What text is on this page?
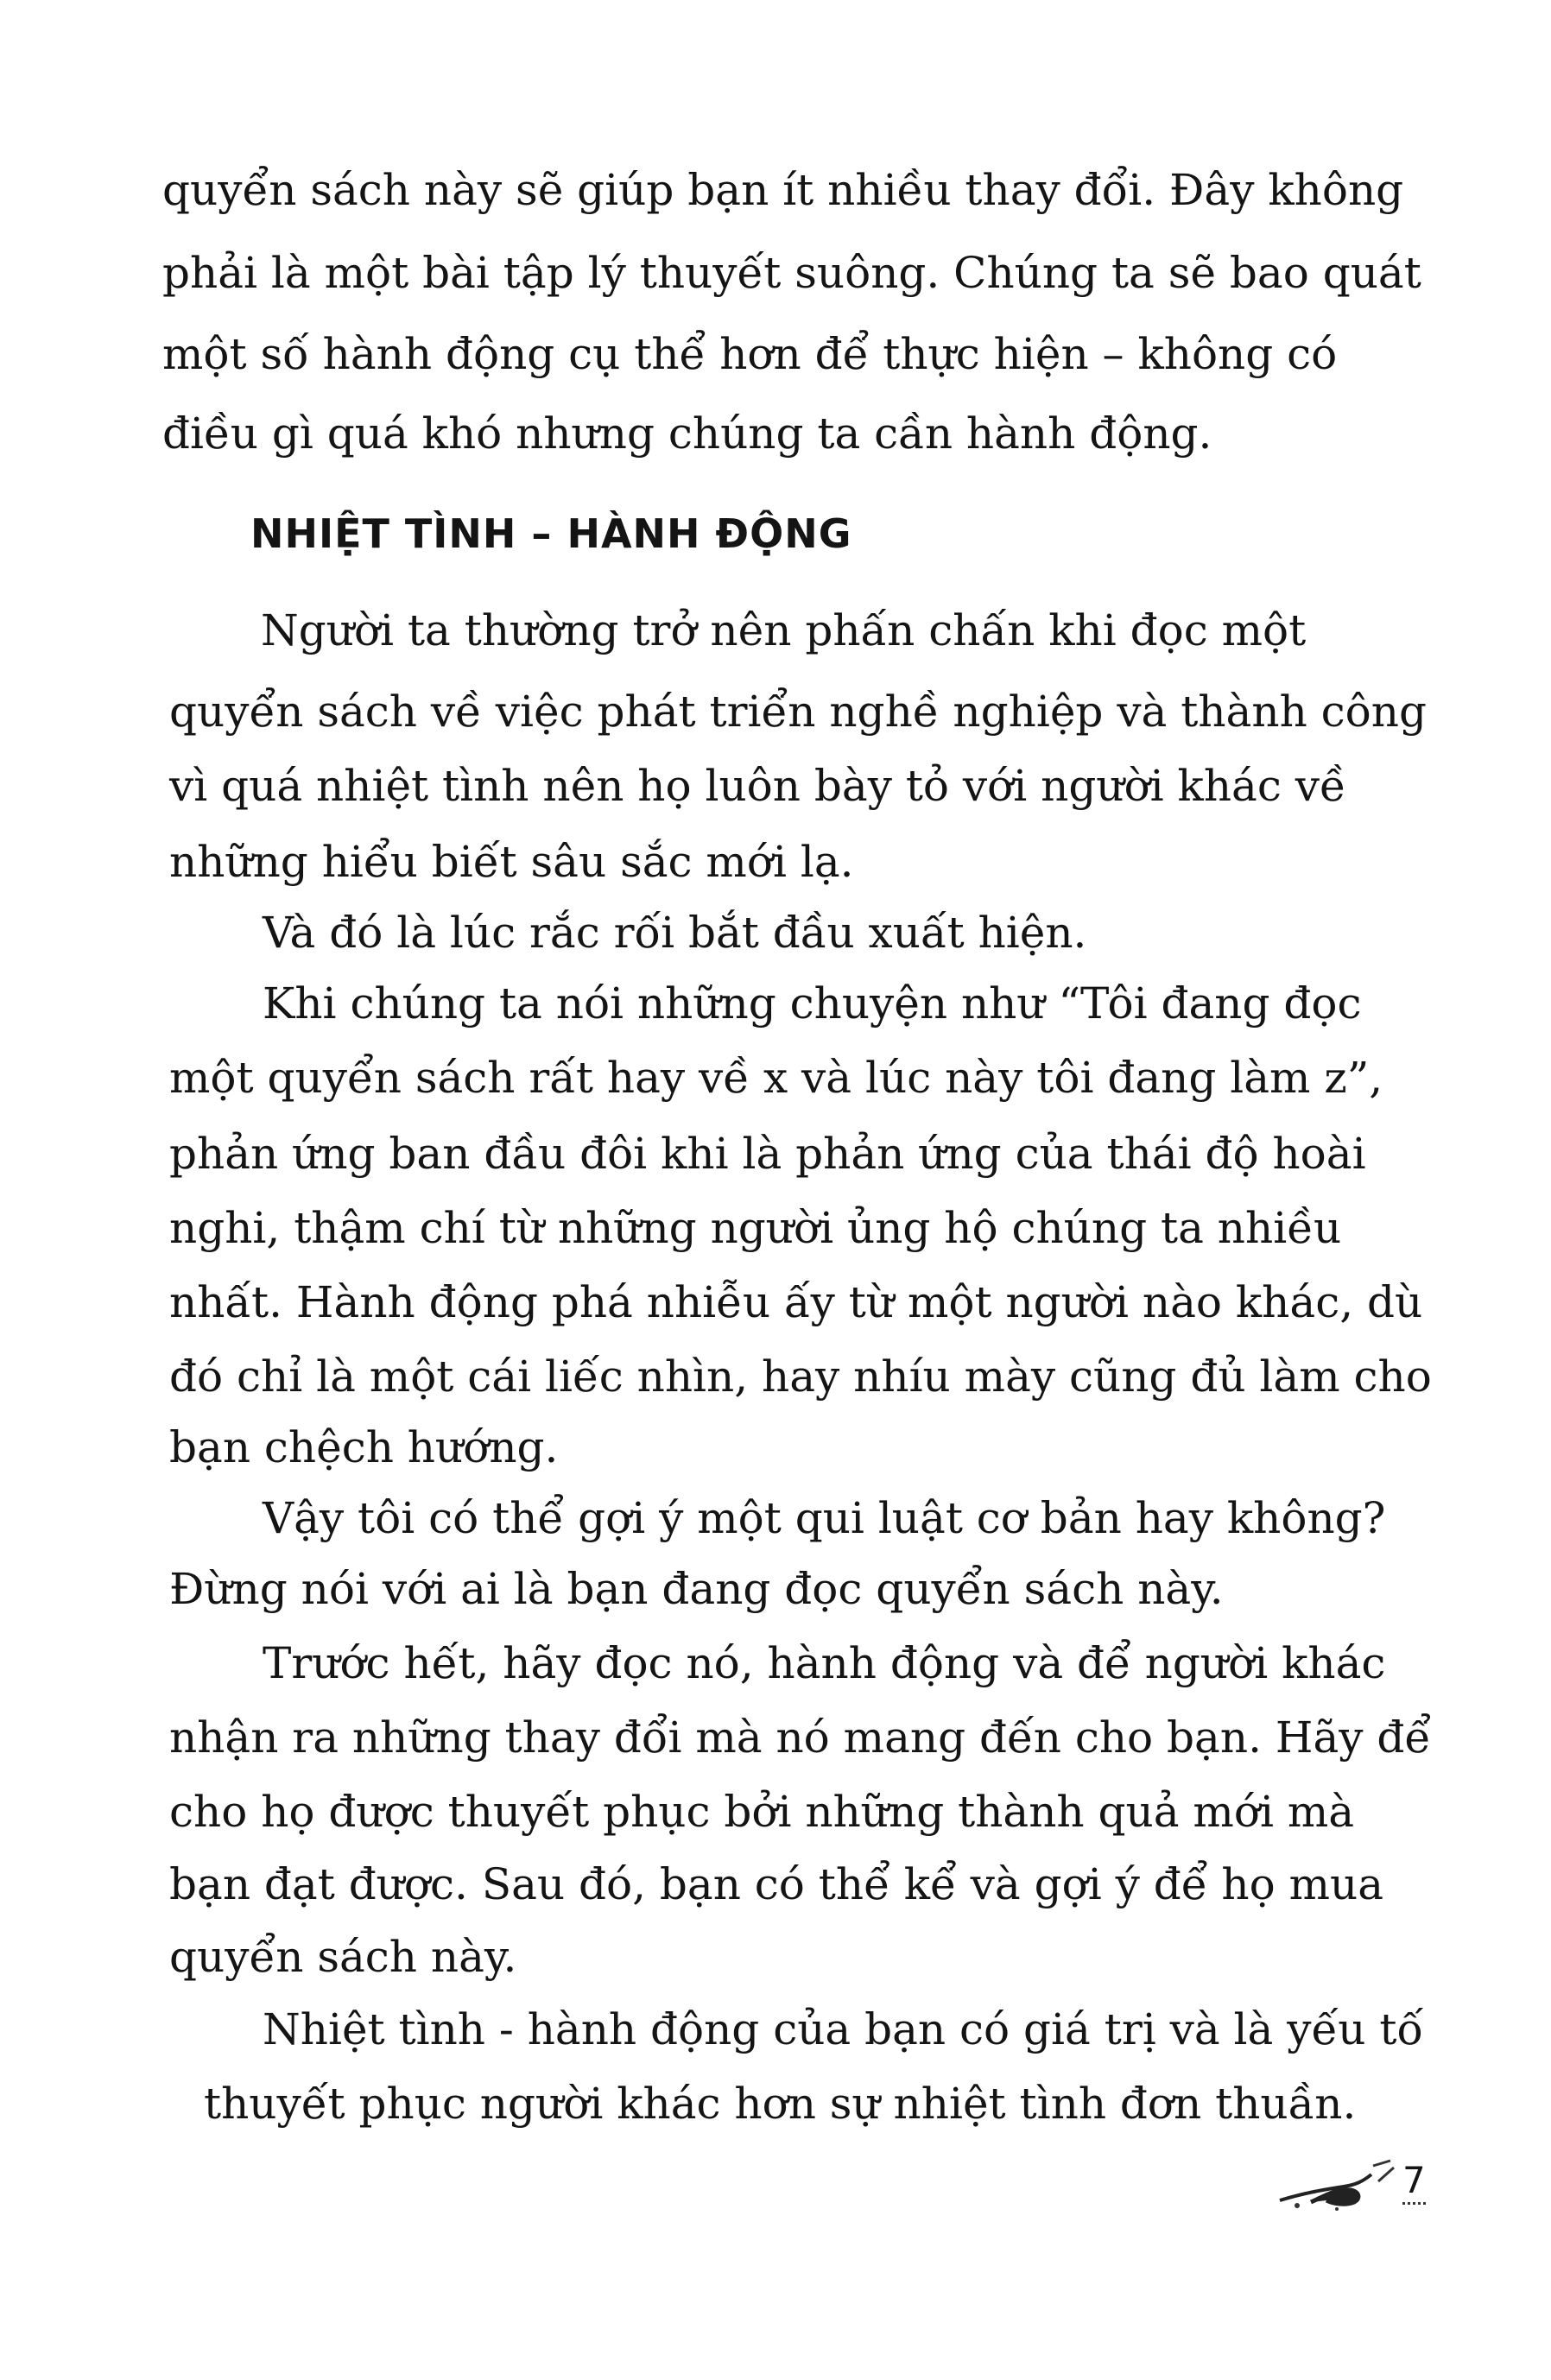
quyển sách này sẽ giúp bạn ít nhiều thay đổi. Đây không
phải là một bài tập lý thuyết suông. Chúng ta sẽ bao quát
một số hành động cụ thể hơn để thực hiện – không có
điều gì quá khó nhưng chúng ta cần hành động.
NHIỆT TÌNH – HÀNH ĐỘNG
Người ta thường trở nên phấn chấn khi đọc một
quyển sách về việc phát triển nghề nghiệp và thành công
vì quá nhiệt tình nên họ luôn bày tỏ với người khác về
những hiểu biết sâu sắc mới lạ.
Và đó là lúc rắc rối bắt đầu xuất hiện.
Khi chúng ta nói những chuyện như “Tôi đang đọc
một quyển sách rất hay về x và lúc này tôi đang làm z”,
phản ứng ban đầu đôi khi là phản ứng của thái độ hoài
nghi, thậm chí từ những người ủng hộ chúng ta nhiều
nhất. Hành động phá nhiễu ấy từ một người nào khác, dù
đó chỉ là một cái liếc nhìn, hay nhíu mày cũng đủ làm cho
bạn chệch hướng.
Vậy tôi có thể gợi ý một qui luật cơ bản hay không?
Đừng nói với ai là bạn đang đọc quyển sách này.
Trước hết, hãy đọc nó, hành động và để người khác
nhận ra những thay đổi mà nó mang đến cho bạn. Hãy để
cho họ được thuyết phục bởi những thành quả mới mà
bạn đạt được. Sau đó, bạn có thể kể và gợi ý để họ mua
quyển sách này.
Nhiệt tình - hành động của bạn có giá trị và là yếu tố
thuyết phục người khác hơn sự nhiệt tình đơn thuần.
7
